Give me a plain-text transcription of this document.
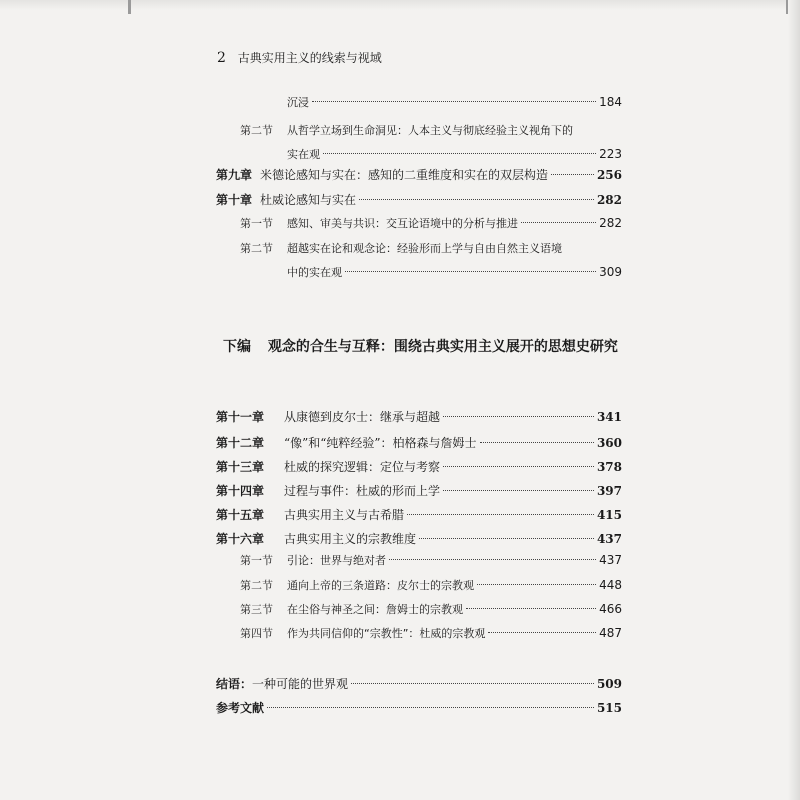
2 古典实用主义的线索与视域
沉浸	184
第二节 从哲学立场到生命洞见：人本主义与彻底经验主义视角下的
实在观	223
第九章 米德论感知与实在：感知的二重维度和实在的双层构造	256
第十章 杜威论感知与实在	282
第一节 感知、审美与共识：交互论语境中的分析与推进	282
第二节 超越实在论和观念论：经验形而上学与自由自然主义语境
中的实在观	309
下编 观念的合生与互释：围绕古典实用主义展开的思想史研究
第十一章 从康德到皮尔士：继承与超越	341
第十二章 “像”和“纯粹经验”：柏格森与詹姆士	360
第十三章 杜威的探究逻辑：定位与考察	378
第十四章 过程与事件：杜威的形而上学	397
第十五章 古典实用主义与古希腊	415
第十六章 古典实用主义的宗教维度	437
第一节 引论：世界与绝对者	437
第二节 通向上帝的三条道路：皮尔士的宗教观	448
第三节 在尘俗与神圣之间：詹姆士的宗教观	466
第四节 作为共同信仰的“宗教性”：杜威的宗教观	487
结语： 一种可能的世界观	509
参考文献	515
